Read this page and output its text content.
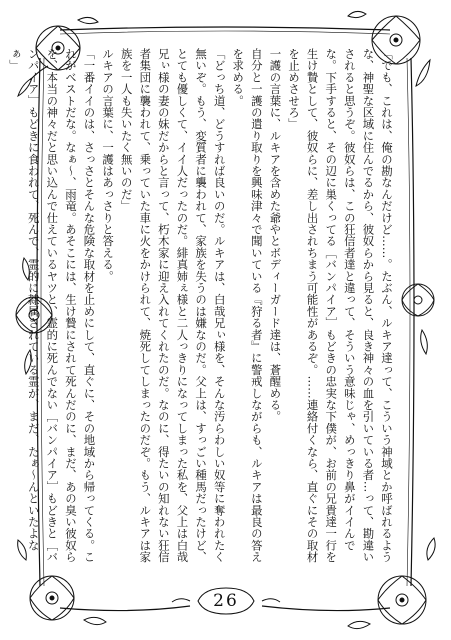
「でも、これは、俺の勘なんだけど……。たぶん、ルキア達って、こういう神域とか呼ばれるような、神聖な区域に住んでるから、彼奴らから見ると、良き神々の血を引いている者…って、勘違いされると思うぞ。彼奴らは、この狂信者達と違って、そういう意味じゃ、めっきり鼻がイイんでな。下手すると、その辺に巣くってる［バンパイア］もどきの忠実な下僕が、お前の兄貴達一行を生け贄として、彼奴らに、差し出されちまう可能性があるぞ。……連絡付くなら、直ぐにその取材を止めさせろ」

一護の言葉に、ルキアを含めた爺やとボディーガード達は、蒼醒める。

自分と一護の遣り取りを興味津々で聞いている『狩る者』に警戒しながらも、ルキアは最良の答えを求める。

「どっち道、どうすれば良いのだ。ルキアは、白哉兄ぃ様を、そんな汚らわしい奴等に奪われたく無いぞ。もう、変質者に襲われて、家族を失うのは嫌なのだ。父上は、すっごい種馬だったけど、とても優しくて、イイ人だったのだ。緋真姉ぇ様と二人っきりになってしまった私を、父上は白哉兄ぃ様の妻の妹だからと言って、朽木家に迎え入れてくれたのだ。なのに、得たいの知れない狂信者集団に襲われて、乗っていた車に火をかけられて、焼死してしまったのだぞ。もう、ルキアは家族を一人も失いたく無いのだ」

ルキアの言葉に、一護はあっさりと答える。

「一番イイのは、さっさとそんな危険な取材を止めにして、直ぐに、その地域から帰ってくる。これがベストだな。なぁ～、雨竜。あそこには、生け贄にされて死んだのに、まだ、あの臭い彼奴らを、本当の神々だと思い込んで仕えているヤツと、霊的に死んでない［バンパイア］もどきと［バンパイア］もどきに食われて、死んで、霊的に隷属されている霊が、まだ、たぁ～んといたよなぁ」

26
